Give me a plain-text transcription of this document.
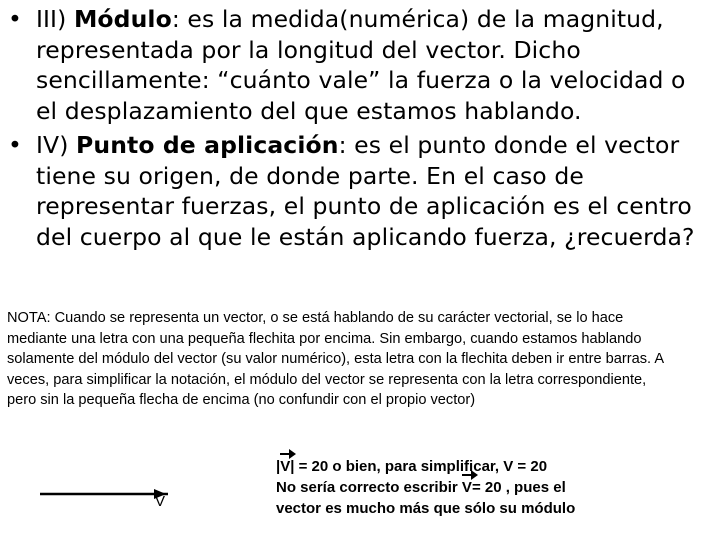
• III) Módulo: es la medida(numérica) de la magnitud, representada por la longitud del vector. Dicho sencillamente: “cuánto vale” la fuerza o la velocidad o el desplazamiento del que estamos hablando.
• IV) Punto de aplicación: es el punto donde el vector tiene su origen, de donde parte. En el caso de representar fuerzas, el punto de aplicación es el centro del cuerpo al que le están aplicando fuerza, ¿recuerda?

NOTA: Cuando se representa un vector, o se está hablando de su carácter vectorial, se lo hace mediante una letra con una pequeña flechita por encima. Sin embargo, cuando estamos hablando solamente del módulo del vector (su valor numérico), esta letra con la flechita deben ir entre barras. A veces, para simplificar la notación, el módulo del vector se representa con la letra correspondiente, pero sin la pequeña flecha de encima (no confundir con el propio vector)

V

|V| = 20 o bien, para simplificar, V = 20

No sería correcto escribir V= 20 , pues el

vector es mucho más que sólo su módulo
